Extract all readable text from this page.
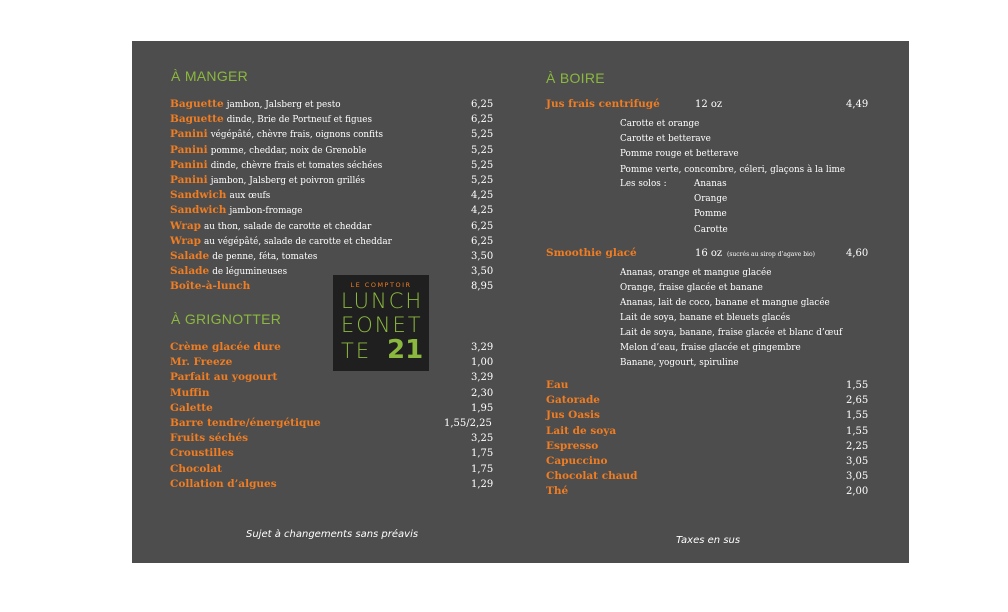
À MANGER
Baguette jambon, Jalsberg et pesto	6,25
Baguette dinde, Brie de Portneuf et figues	6,25
Panini végépâté, chèvre frais, oignons confits	5,25
Panini pomme, cheddar, noix de Grenoble	5,25
Panini dinde, chèvre frais et tomates séchées	5,25
Panini jambon, Jalsberg et poivron grillés	5,25
Sandwich aux œufs	4,25
Sandwich jambon-fromage	4,25
Wrap au thon, salade de carotte et cheddar	6,25
Wrap au végépâté, salade de carotte et cheddar	6,25
Salade de penne, féta, tomates	3,50
Salade de légumineuses	3,50
Boîte-à-lunch	8,95
À GRIGNOTTER
Crème glacée dure	3,29
Mr. Freeze	1,00
Parfait au yogourt	3,29
Muffin	2,30
Galette	1,95
Barre tendre/énergétique	1,55/2,25
Fruits séchés	3,25
Croustilles	1,75
Chocolat	1,75
Collation d’algues	1,29
LE COMPTOIR
LUNCH
EONET
TE 21
À BOIRE
Jus frais centrifugé	12 oz	4,49
Carotte et orange
Carotte et betterave
Pomme rouge et betterave
Pomme verte, concombre, céleri, glaçons à la lime
Les solos :	Ananas
Orange
Pomme
Carotte
Smoothie glacé	16 oz (sucrés au sirop d’agave bio)	4,60
Ananas, orange et mangue glacée
Orange, fraise glacée et banane
Ananas, lait de coco, banane et mangue glacée
Lait de soya, banane et bleuets glacés
Lait de soya, banane, fraise glacée et blanc d’œuf
Melon d’eau, fraise glacée et gingembre
Banane, yogourt, spiruline
Eau	1,55
Gatorade	2,65
Jus Oasis	1,55
Lait de soya	1,55
Espresso	2,25
Capuccino	3,05
Chocolat chaud	3,05
Thé	2,00
Sujet à changements sans préavis
Taxes en sus
